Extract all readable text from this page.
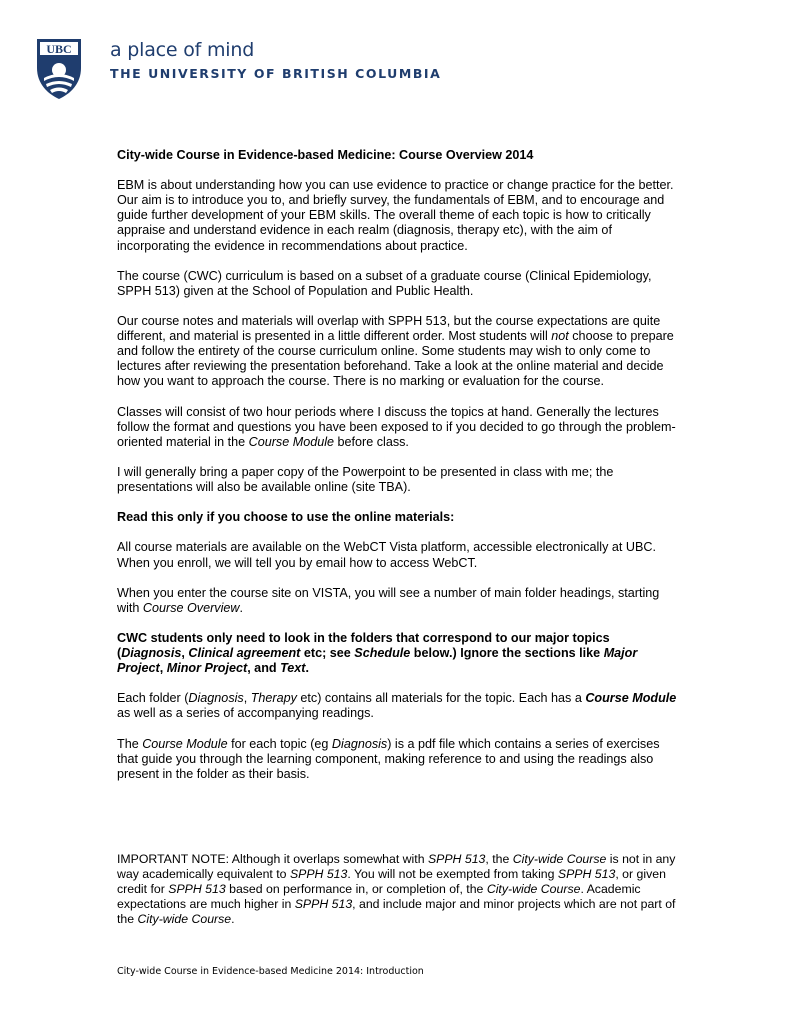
UBC a place of mind
THE UNIVERSITY OF BRITISH COLUMBIA

City-wide Course in Evidence-based Medicine: Course Overview 2014

EBM is about understanding how you can use evidence to practice or change practice for the better. Our aim is to introduce you to, and briefly survey, the fundamentals of EBM, and to encourage and guide further development of your EBM skills. The overall theme of each topic is how to critically appraise and understand evidence in each realm (diagnosis, therapy etc), with the aim of incorporating the evidence in recommendations about practice.

The course (CWC) curriculum is based on a subset of a graduate course (Clinical Epidemiology, SPPH 513) given at the School of Population and Public Health.

Our course notes and materials will overlap with SPPH 513, but the course expectations are quite different, and material is presented in a little different order. Most students will not choose to prepare and follow the entirety of the course curriculum online. Some students may wish to only come to lectures after reviewing the presentation beforehand. Take a look at the online material and decide how you want to approach the course. There is no marking or evaluation for the course.

Classes will consist of two hour periods where I discuss the topics at hand. Generally the lectures follow the format and questions you have been exposed to if you decided to go through the problem-oriented material in the Course Module before class.

I will generally bring a paper copy of the Powerpoint to be presented in class with me; the presentations will also be available online (site TBA).

Read this only if you choose to use the online materials:

All course materials are available on the WebCT Vista platform, accessible electronically at UBC. When you enroll, we will tell you by email how to access WebCT.

When you enter the course site on VISTA, you will see a number of main folder headings, starting with Course Overview.

CWC students only need to look in the folders that correspond to our major topics (Diagnosis, Clinical agreement etc; see Schedule below.) Ignore the sections like Major Project, Minor Project, and Text.

Each folder (Diagnosis, Therapy etc) contains all materials for the topic. Each has a Course Module as well as a series of accompanying readings.

The Course Module for each topic (eg Diagnosis) is a pdf file which contains a series of exercises that guide you through the learning component, making reference to and using the readings also present in the folder as their basis.

IMPORTANT NOTE: Although it overlaps somewhat with SPPH 513, the City-wide Course is not in any way academically equivalent to SPPH 513. You will not be exempted from taking SPPH 513, or given credit for SPPH 513 based on performance in, or completion of, the City-wide Course. Academic expectations are much higher in SPPH 513, and include major and minor projects which are not part of the City-wide Course.

City-wide Course in Evidence-based Medicine 2014: Introduction
